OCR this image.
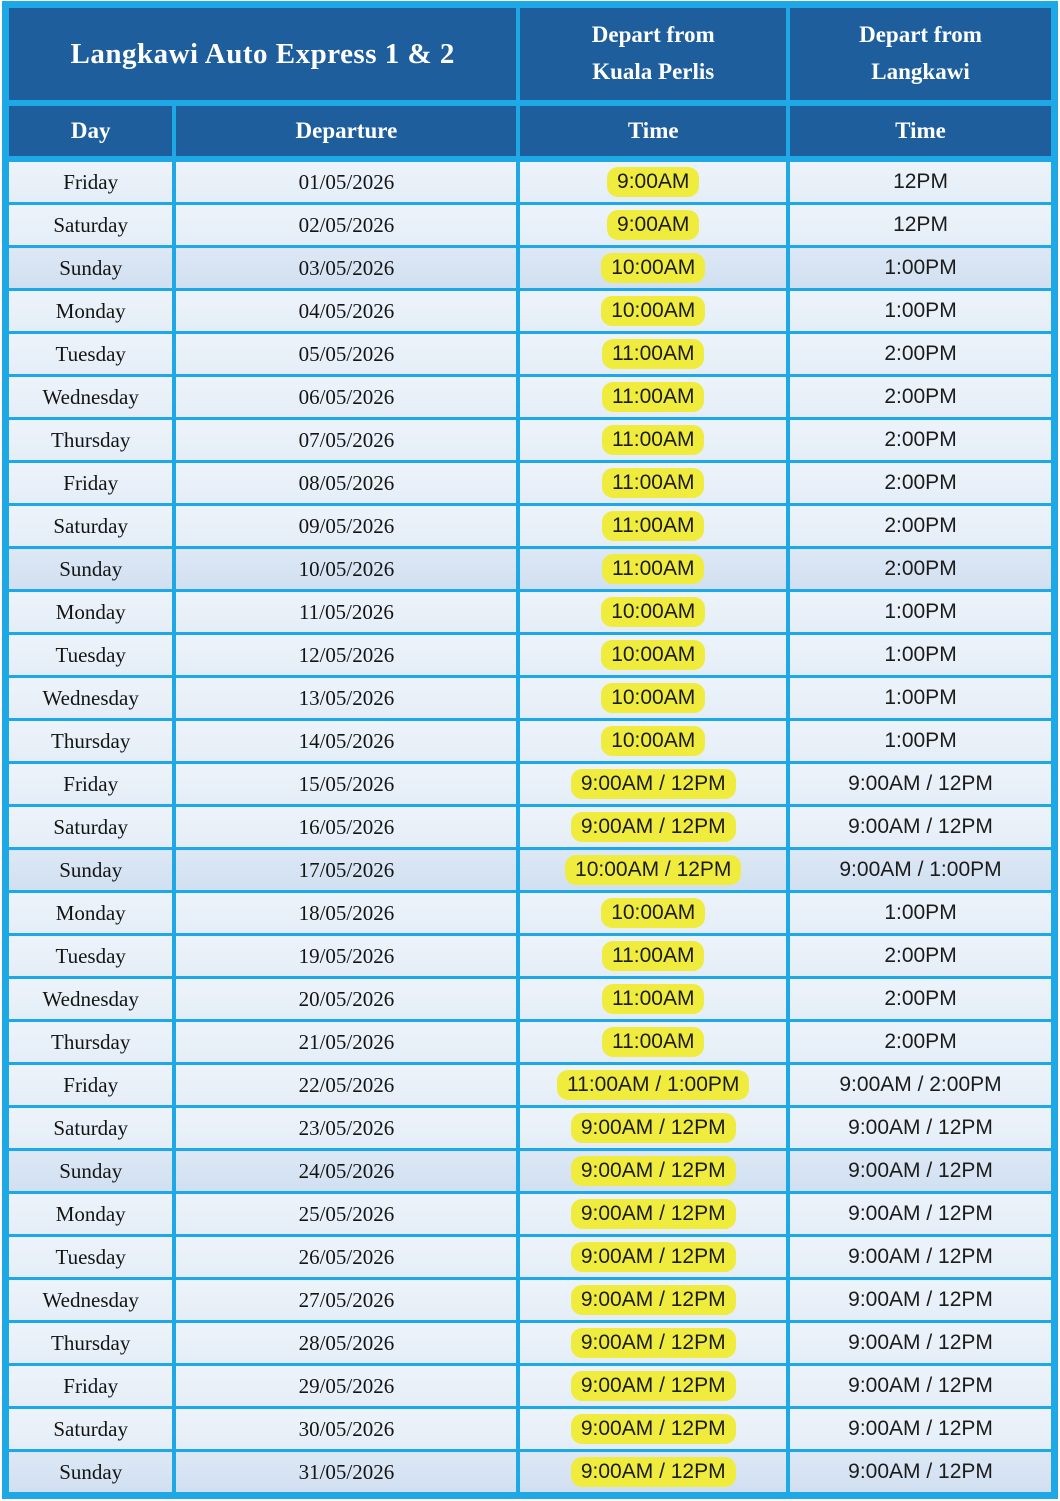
Langkawi Auto Express 1 & 2	
Depart from
Kuala Perlis

Depart from
Langkawi

Day	Departure	Time	Time
Friday	01/05/2026	9:00AM	12PM
Saturday	02/05/2026	9:00AM	12PM
Sunday	03/05/2026	10:00AM	1:00PM
Monday	04/05/2026	10:00AM	1:00PM
Tuesday	05/05/2026	11:00AM	2:00PM
Wednesday	06/05/2026	11:00AM	2:00PM
Thursday	07/05/2026	11:00AM	2:00PM
Friday	08/05/2026	11:00AM	2:00PM
Saturday	09/05/2026	11:00AM	2:00PM
Sunday	10/05/2026	11:00AM	2:00PM
Monday	11/05/2026	10:00AM	1:00PM
Tuesday	12/05/2026	10:00AM	1:00PM
Wednesday	13/05/2026	10:00AM	1:00PM
Thursday	14/05/2026	10:00AM	1:00PM
Friday	15/05/2026	9:00AM / 12PM	9:00AM / 12PM
Saturday	16/05/2026	9:00AM / 12PM	9:00AM / 12PM
Sunday	17/05/2026	10:00AM / 12PM	9:00AM / 1:00PM
Monday	18/05/2026	10:00AM	1:00PM
Tuesday	19/05/2026	11:00AM	2:00PM
Wednesday	20/05/2026	11:00AM	2:00PM
Thursday	21/05/2026	11:00AM	2:00PM
Friday	22/05/2026	11:00AM / 1:00PM	9:00AM / 2:00PM
Saturday	23/05/2026	9:00AM / 12PM	9:00AM / 12PM
Sunday	24/05/2026	9:00AM / 12PM	9:00AM / 12PM
Monday	25/05/2026	9:00AM / 12PM	9:00AM / 12PM
Tuesday	26/05/2026	9:00AM / 12PM	9:00AM / 12PM
Wednesday	27/05/2026	9:00AM / 12PM	9:00AM / 12PM
Thursday	28/05/2026	9:00AM / 12PM	9:00AM / 12PM
Friday	29/05/2026	9:00AM / 12PM	9:00AM / 12PM
Saturday	30/05/2026	9:00AM / 12PM	9:00AM / 12PM
Sunday	31/05/2026	9:00AM / 12PM	9:00AM / 12PM
